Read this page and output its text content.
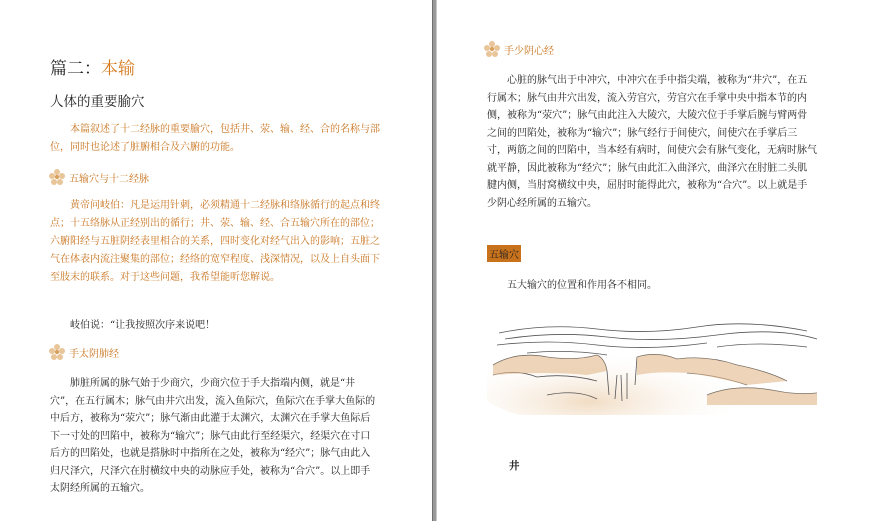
篇二：本输
人体的重要腧穴
本篇叙述了十二经脉的重要腧穴，包括井、荥、输、经、合的名称与部位，同时也论述了脏腑相合及六腑的功能。
五输穴与十二经脉
黄帝问岐伯：凡是运用针刺，必须精通十二经脉和络脉循行的起点和终点；十五络脉从正经别出的循行；井、荥、输、经、合五输穴所在的部位；六腑阳经与五脏阴经表里相合的关系，四时变化对经气出入的影响；五脏之气在体表内流注聚集的部位；经络的宽窄程度、浅深情况，以及上自头面下至肢末的联系。对于这些问题，我希望能听您解说。
岐伯说：“让我按照次序来说吧！
手太阴肺经
肺脏所属的脉气始于少商穴，少商穴位于手大指端内侧，就是“井穴”，在五行属木；脉气由井穴出发，流入鱼际穴，鱼际穴在手掌大鱼际的中后方，被称为“荥穴”；脉气渐由此灌于太渊穴，太渊穴在手掌大鱼际后下一寸处的凹陷中，被称为“输穴”；脉气由此行至经渠穴，经渠穴在寸口后方的凹陷处，也就是搭脉时中指所在之处，被称为“经穴”；脉气由此入归尺泽穴，尺泽穴在肘横纹中央的动脉应手处，被称为“合穴”。以上即手太阴经所属的五输穴。
手少阴心经
心脏的脉气出于中冲穴，中冲穴在手中指尖端，被称为“井穴”，在五行属木；脉气由井穴出发，流入劳宫穴，劳宫穴在手掌中央中指本节的内侧，被称为“荥穴”；脉气由此注入大陵穴，大陵穴位于手掌后腕与臂两骨之间的凹陷处，被称为“输穴”；脉气经行于间使穴，间使穴在手掌后三寸，两筋之间的凹陷中，当本经有病时，间使穴会有脉气变化，无病时脉气就平静，因此被称为“经穴”；脉气由此汇入曲泽穴，曲泽穴在肘脏二头肌腱内侧，当肘窝横纹中央，屈肘时能得此穴，被称为“合穴”。以上就是手少阴心经所属的五输穴。
五输穴
五大输穴的位置和作用各不相同。
井
